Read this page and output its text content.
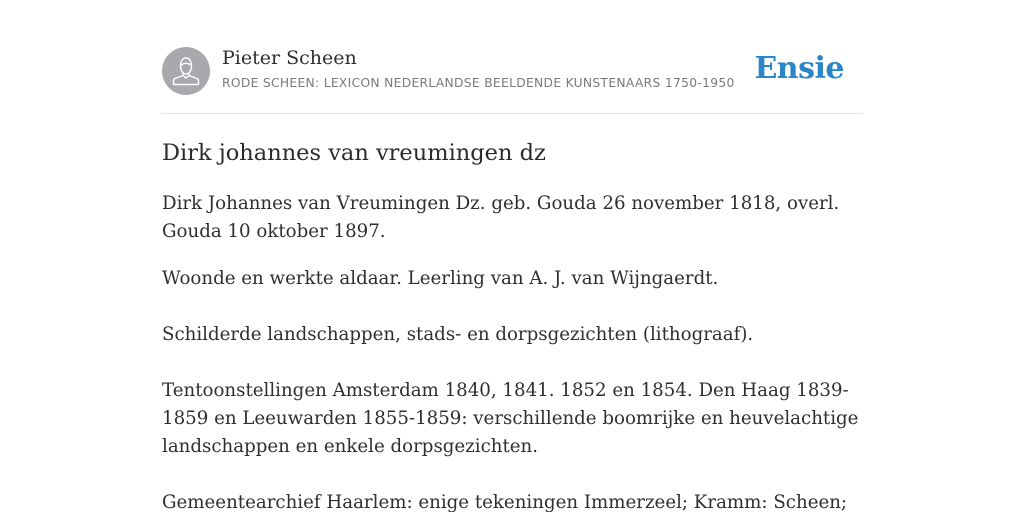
Pieter Scheen
RODE SCHEEN: LEXICON NEDERLANDSE BEELDENDE KUNSTENAARS 1750-1950 Ensie
Dirk johannes van vreumingen dz

Dirk Johannes van Vreumingen Dz. geb. Gouda 26 november 1818, overl. Gouda 10 oktober 1897.

Woonde en werkte aldaar. Leerling van A. J. van Wijngaerdt.

Schilderde landschappen, stads- en dorpsgezichten (lithograaf).

Tentoonstellingen Amsterdam 1840, 1841. 1852 en 1854. Den Haag 1839-1859 en Leeuwarden 1855-1859: verschillende boomrijke en heuvelachtige landschappen en enkele dorpsgezichten.

Gemeentearchief Haarlem: enige tekeningen Immerzeel; Kramm: Scheen;
